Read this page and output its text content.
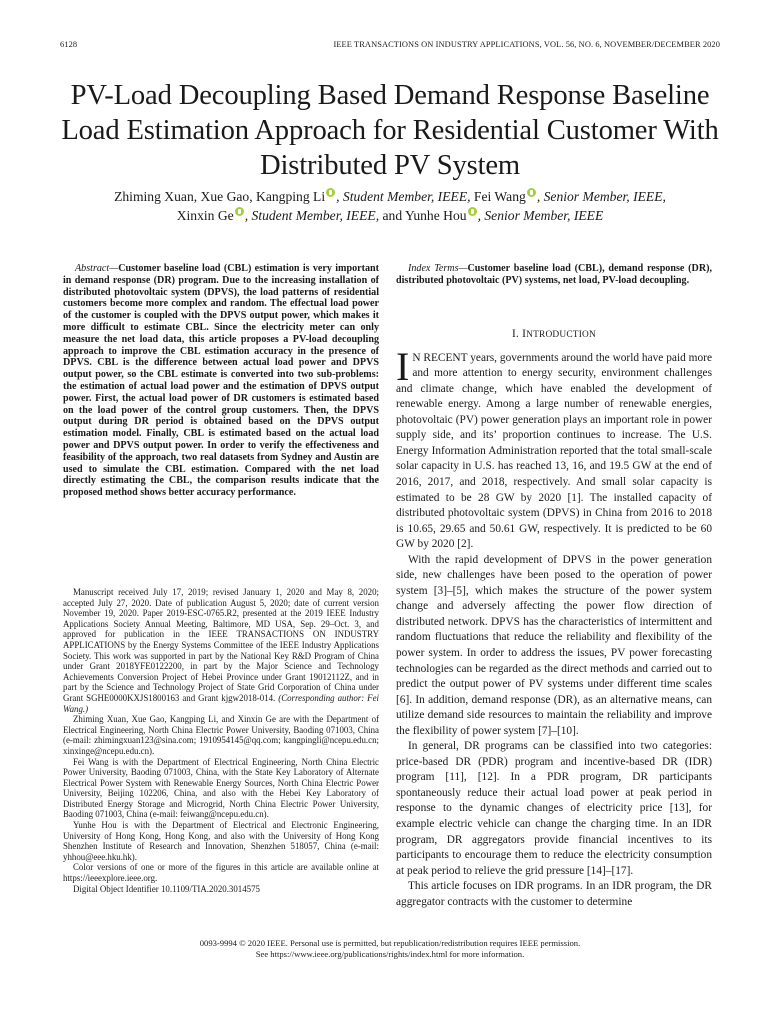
6128	IEEE TRANSACTIONS ON INDUSTRY APPLICATIONS, VOL. 56, NO. 6, NOVEMBER/DECEMBER 2020
PV-Load Decoupling Based Demand Response Baseline Load Estimation Approach for Residential Customer With Distributed PV System
Zhiming Xuan, Xue Gao, Kangping Li , Student Member, IEEE, Fei Wang , Senior Member, IEEE,
Xinxin Ge , Student Member, IEEE, and Yunhe Hou , Senior Member, IEEE

Abstract—Customer baseline load (CBL) estimation is very important in demand response (DR) program. Due to the increasing installation of distributed photovoltaic system (DPVS), the load patterns of residential customers become more complex and random. The effectual load power of the customer is coupled with the DPVS output power, which makes it more difficult to estimate CBL. Since the electricity meter can only measure the net load data, this article proposes a PV-load decoupling approach to improve the CBL estimation accuracy in the presence of DPVS. CBL is the difference between actual load power and DPVS output power, so the CBL estimate is converted into two sub-problems: the estimation of actual load power and the estimation of DPVS output power. First, the actual load power of DR customers is estimated based on the load power of the control group customers. Then, the DPVS output during DR period is obtained based on the DPVS output estimation model. Finally, CBL is estimated based on the actual load power and DPVS output power. In order to verify the effectiveness and feasibility of the approach, two real datasets from Sydney and Austin are used to simulate the CBL estimation. Compared with the net load directly estimating the CBL, the comparison results indicate that the proposed method shows better accuracy performance.

Manuscript received July 17, 2019; revised January 1, 2020 and May 8, 2020; accepted July 27, 2020. Date of publication August 5, 2020; date of current version November 19, 2020. Paper 2019-ESC-0765.R2, presented at the 2019 IEEE Industry Applications Society Annual Meeting, Baltimore, MD USA, Sep. 29–Oct. 3, and approved for publication in the IEEE TRANSACTIONS ON INDUSTRY APPLICATIONS by the Energy Systems Committee of the IEEE Industry Applications Society. This work was supported in part by the National Key R&D Program of China under Grant 2018YFE0122200, in part by the Major Science and Technology Achievements Conversion Project of Hebei Province under Grant 19012112Z, and in part by the Science and Technology Project of State Grid Corporation of China under Grant SGHE0000KXJS1800163 and Grant kjgw2018-014. (Corresponding author: Fei Wang.)

Zhiming Xuan, Xue Gao, Kangping Li, and Xinxin Ge are with the Department of Electrical Engineering, North China Electric Power University, Baoding 071003, China (e-mail: zhimingxuan123@sina.com; 1910954145@qq.com; kangpingli@ncepu.edu.cn; xinxinge@ncepu.edu.cn).

Fei Wang is with the Department of Electrical Engineering, North China Electric Power University, Baoding 071003, China, with the State Key Laboratory of Alternate Electrical Power System with Renewable Energy Sources, North China Electric Power University, Beijing 102206, China, and also with the Hebei Key Laboratory of Distributed Energy Storage and Microgrid, North China Electric Power University, Baoding 071003, China (e-mail: feiwang@ncepu.edu.cn).

Yunhe Hou is with the Department of Electrical and Electronic Engineering, University of Hong Kong, Hong Kong, and also with the University of Hong Kong Shenzhen Institute of Research and Innovation, Shenzhen 518057, China (e-mail: yhhou@eee.hku.hk).

Color versions of one or more of the figures in this article are available online at https://ieeexplore.ieee.org.

Digital Object Identifier 10.1109/TIA.2020.3014575

Index Terms—Customer baseline load (CBL), demand response (DR), distributed photovoltaic (PV) systems, net load, PV-load decoupling.

I. INTRODUCTION

I N RECENT years, governments around the world have paid more and more attention to energy security, environment challenges and climate change, which have enabled the development of renewable energy. Among a large number of renewable energies, photovoltaic (PV) power generation plays an important role in power supply side, and its’ proportion continues to increase. The U.S. Energy Information Administration reported that the total small-scale solar capacity in U.S. has reached 13, 16, and 19.5 GW at the end of 2016, 2017, and 2018, respectively. And small solar capacity is estimated to be 28 GW by 2020 [1]. The installed capacity of distributed photovoltaic system (DPVS) in China from 2016 to 2018 is 10.65, 29.65 and 50.61 GW, respectively. It is predicted to be 60 GW by 2020 [2].

With the rapid development of DPVS in the power generation side, new challenges have been posed to the operation of power system [3]–[5], which makes the structure of the power system change and adversely affecting the power flow direction of distributed network. DPVS has the characteristics of intermittent and random fluctuations that reduce the reliability and flexibility of the power system. In order to address the issues, PV power forecasting technologies can be regarded as the direct methods and carried out to predict the output power of PV systems under different time scales [6]. In addition, demand response (DR), as an alternative means, can utilize demand side resources to maintain the reliability and improve the flexibility of power system [7]–[10].

In general, DR programs can be classified into two categories: price-based DR (PDR) program and incentive-based DR (IDR) program [11], [12]. In a PDR program, DR participants spontaneously reduce their actual load power at peak period in response to the dynamic changes of electricity price [13], for example electric vehicle can change the charging time. In an IDR program, DR aggregators provide financial incentives to its participants to encourage them to reduce the electricity consumption at peak period to relieve the grid pressure [14]–[17].

This article focuses on IDR programs. In an IDR program, the DR aggregator contracts with the customer to determine

0093-9994 © 2020 IEEE. Personal use is permitted, but republication/redistribution requires IEEE permission.
See https://www.ieee.org/publications/rights/index.html for more information.
